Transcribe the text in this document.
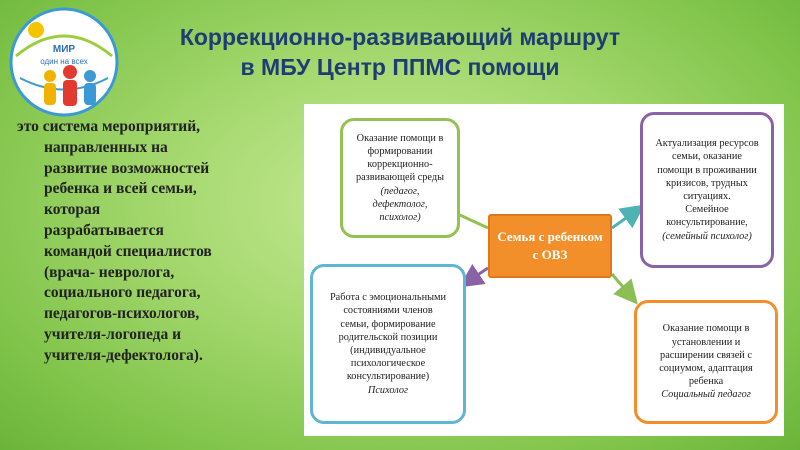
МИР
один на всех
Коррекционно-развивающий маршрут
в МБУ Центр ППМС помощи
это система мероприятий,
направленных на
развитие возможностей
ребенка и всей семьи,
которая
разрабатывается
командой специалистов
(врача- невролога,
социального педагога,
педагогов-психологов,
учителя-логопеда и
учителя-дефектолога).
Оказание помощи в
формировании
коррекционно-
развивающей среды
(педагог,
дефектолог,
психолог)
Актуализация ресурсов
семьи, оказание
помощи в проживании
кризисов, трудных
ситуациях.
Семейное
консультирование,
(семейный психолог)
Семья с ребенком
с ОВЗ
Работа с эмоциональными
состояниями членов
семьи, формирование
родительской позиции
(индивидуальное
психологическое
консультирование)
Психолог
Оказание помощи в
установлении и
расширении связей с
социумом, адаптация
ребенка
Социальный педагог
